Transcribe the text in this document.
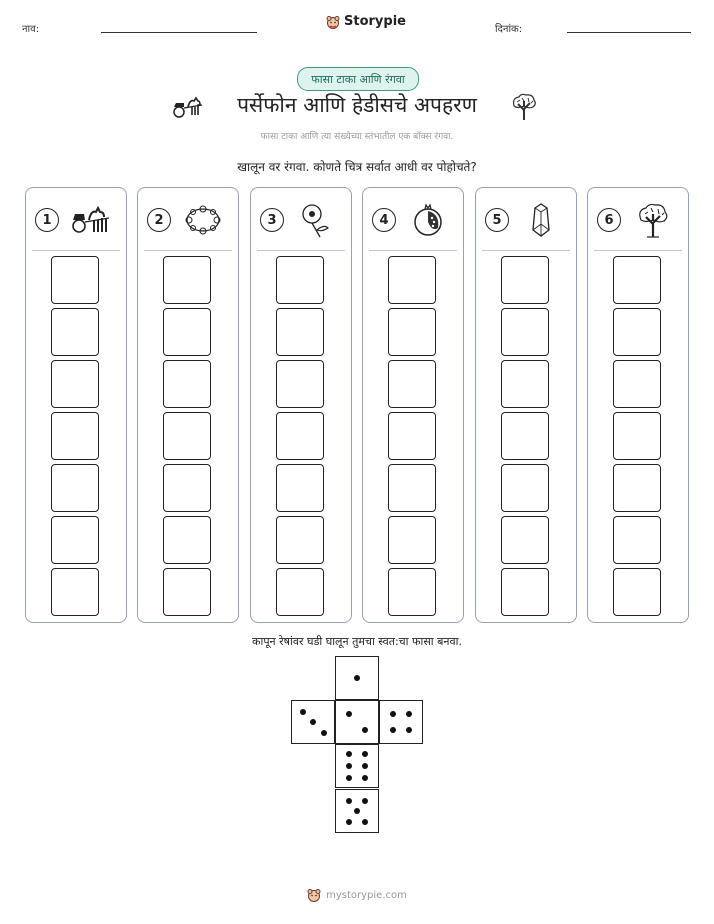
नाव:
Storypie
दिनांक:
फासा टाका आणि रंगवा
पर्सेफोन आणि हेडीसचे अपहरण
फासा टाका आणि त्या संख्येच्या स्तंभातील एक बॉक्स रंगवा.
खालून वर रंगवा. कोणते चित्र सर्वात आधी वर पोहोचते?
1	2	3	4	5	6
कापून रेषांवर घडी घालून तुमचा स्वत:चा फासा बनवा.
mystorypie.com
